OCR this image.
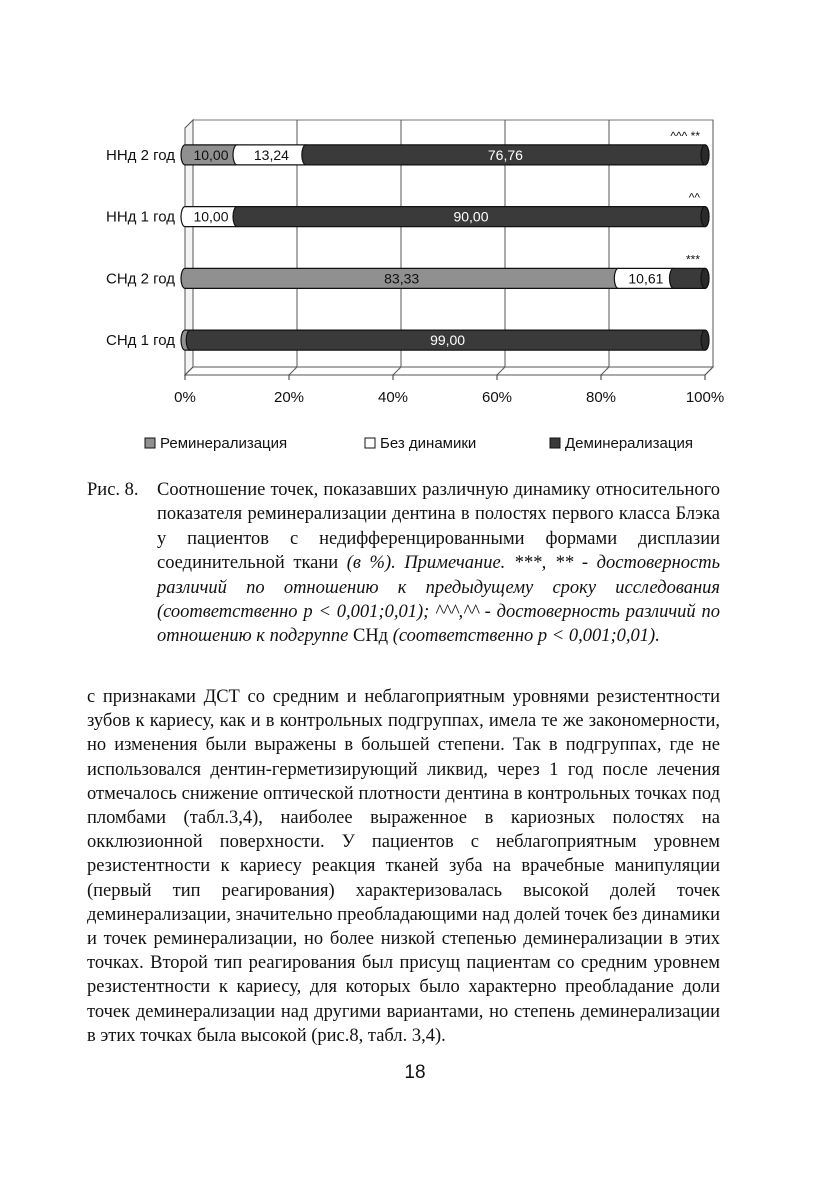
0%	20%	40%	60%	80%	100%
10,00 13,24	76,76
ННд 2 год
^^^ **
10,00	90,00
ННд 1 год
^^
83,33	10,61
СНд 2 год
***
99,00
СНд 1 год
Реминерализация	Без динамики	Деминерализация
Рис. 8. Соотношение точек, показавших различную динамику относительного показателя реминерализации дентина в полостях первого класса Блэка у пациентов с недифференцированными формами дисплазии соединительной ткани (в %). Примечание. ***, ** - достоверность различий по отношению к предыдущему сроку исследования (соответственно p < 0,001;0,01); ^^^,^^ - достоверность различий по отношению к подгруппе СНд (соответственно p < 0,001;0,01).

с признаками ДСТ со средним и неблагоприятным уровнями резистентности зубов к кариесу, как и в контрольных подгруппах, имела те же закономерности, но изменения были выражены в большей степени. Так в подгруппах, где не использовался дентин-герметизирующий ликвид, через 1 год после лечения отмечалось снижение оптической плотности дентина в контрольных точках под пломбами (табл.3,4), наиболее выраженное в кариозных полостях на окклюзионной поверхности. У пациентов с неблагоприятным уровнем резистентности к кариесу реакция тканей зуба на врачебные манипуляции (первый тип реагирования) характеризовалась высокой долей точек деминерализации, значительно преобладающими над долей точек без динамики и точек реминерализации, но более низкой степенью деминерализации в этих точках. Второй тип реагирования был присущ пациентам со средним уровнем резистентности к кариесу, для которых было характерно преобладание доли точек деминерализации над другими вариантами, но степень деминерализации в этих точках была высокой (рис.8, табл. 3,4).

18
